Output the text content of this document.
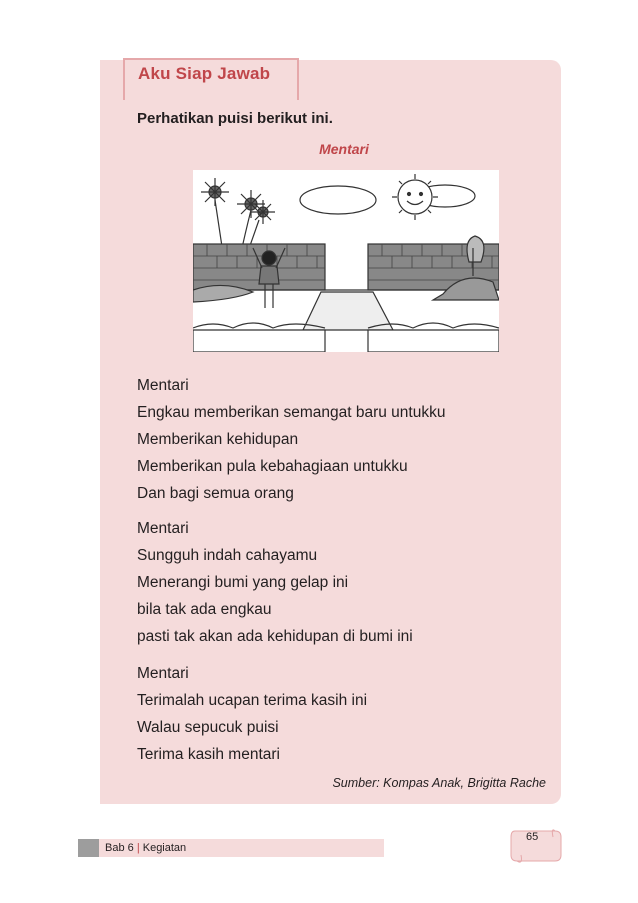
Aku Siap Jawab
Perhatikan puisi berikut ini.
Mentari
Mentari
Engkau memberikan semangat baru untukku
Memberikan kehidupan
Memberikan pula kebahagiaan untukku
Dan bagi semua orang
Mentari
Sungguh indah cahayamu
Menerangi bumi yang gelap ini
bila tak ada engkau
pasti tak akan ada kehidupan di bumi ini
Mentari
Terimalah ucapan terima kasih ini
Walau sepucuk puisi
Terima kasih mentari
Sumber: Kompas Anak, Brigitta Rache
Bab 6 | Kegiatan
65
